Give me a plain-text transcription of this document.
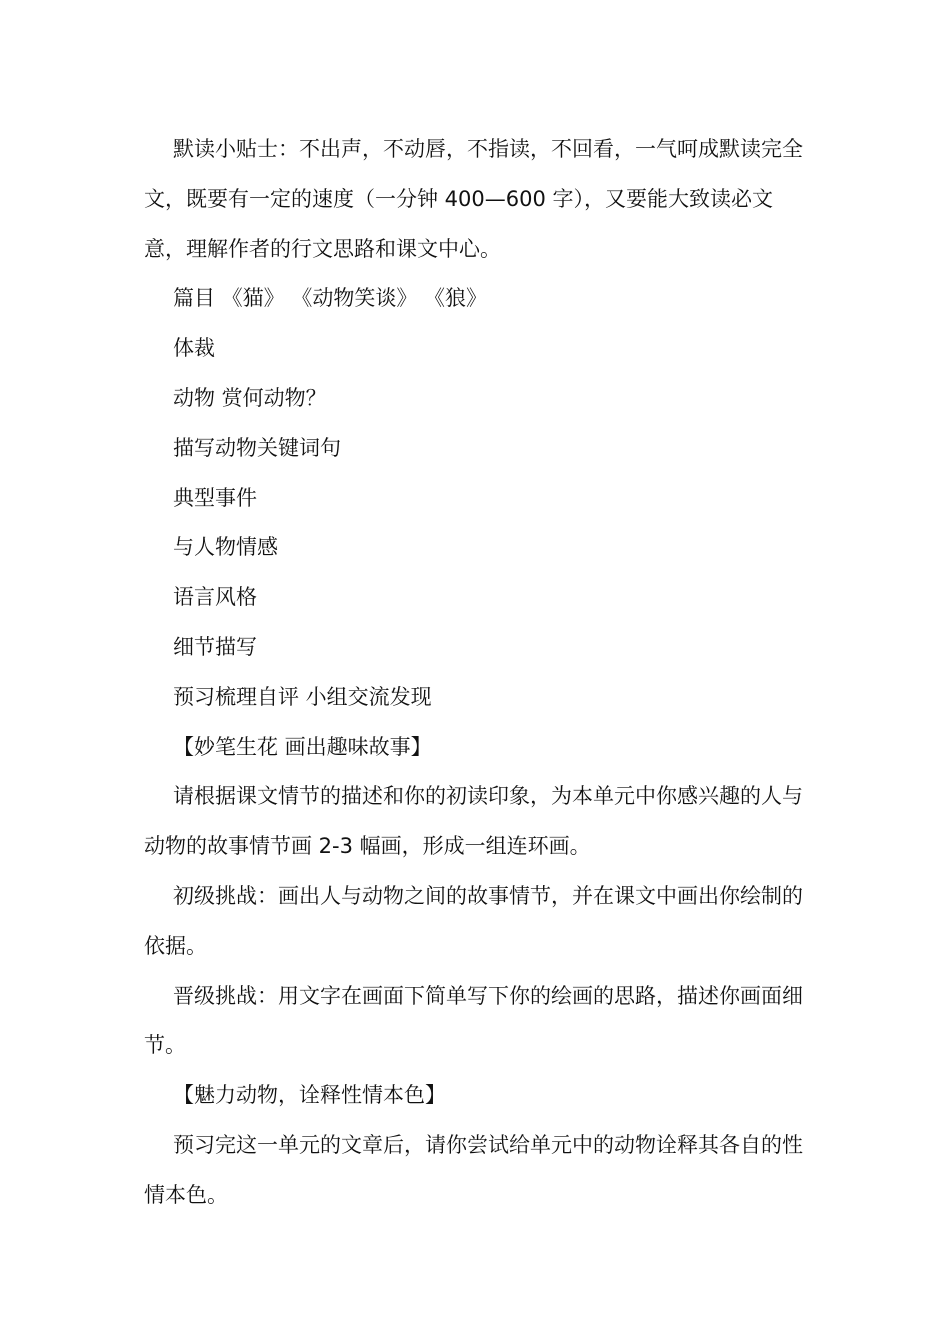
默读小贴士：不出声，不动唇，不指读，不回看，一气呵成默读完全文，既要有一定的速度（一分钟 400—600 字），又要能大致读必文意，理解作者的行文思路和课文中心。

篇目 《猫》 《动物笑谈》 《狼》

体裁

动物 赏何动物？

描写动物关键词句

典型事件

与人物情感

语言风格

细节描写

预习梳理自评 小组交流发现

【妙笔生花 画出趣味故事】

请根据课文情节的描述和你的初读印象，为本单元中你感兴趣的人与动物的故事情节画 2-3 幅画，形成一组连环画。

初级挑战：画出人与动物之间的故事情节，并在课文中画出你绘制的依据。

晋级挑战：用文字在画面下简单写下你的绘画的思路，描述你画面细节。

【魅力动物，诠释性情本色】

预习完这一单元的文章后，请你尝试给单元中的动物诠释其各自的性情本色。
